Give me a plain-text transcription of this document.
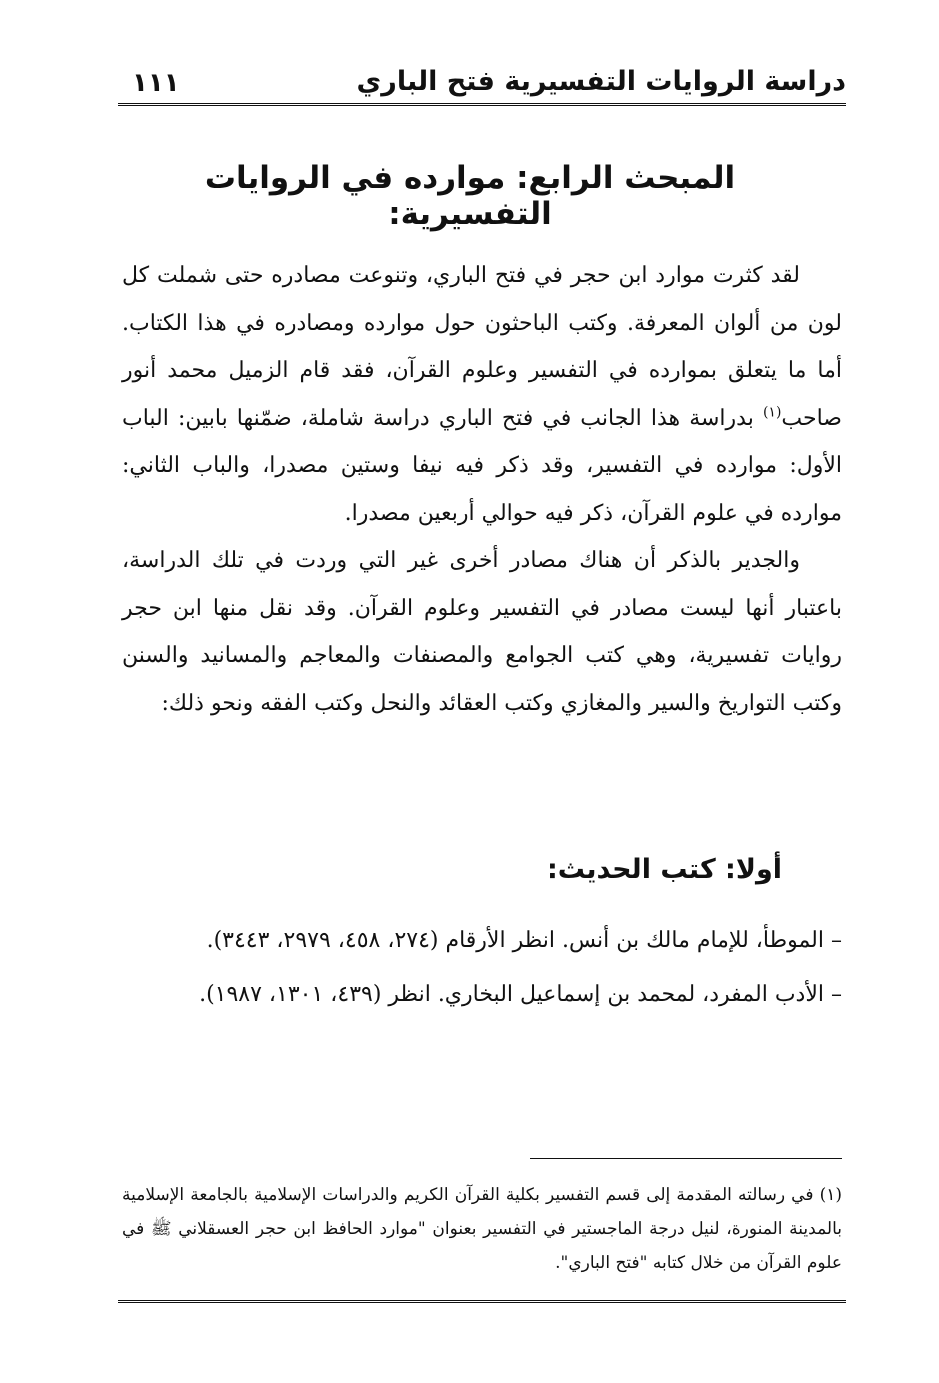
دراسة الروايات التفسيرية فتح الباري
١١١
المبحث الرابع: موارده في الروايات التفسيرية:

لقد كثرت موارد ابن حجر في فتح الباري، وتنوعت مصادره حتى شملت كل لون من ألوان المعرفة. وكتب الباحثون حول موارده ومصادره في هذا الكتاب. أما ما يتعلق بموارده في التفسير وعلوم القرآن، فقد قام الزميل محمد أنور صاحب$^{(١)}$ بدراسة هذا الجانب في فتح الباري دراسة شاملة، ضمّنها بابين: الباب الأول: موارده في التفسير، وقد ذكر فيه نيفا وستين مصدرا، والباب الثاني: موارده في علوم القرآن، ذكر فيه حوالي أربعين مصدرا.

والجدير بالذكر أن هناك مصادر أخرى غير التي وردت في تلك الدراسة، باعتبار أنها ليست مصادر في التفسير وعلوم القرآن. وقد نقل منها ابن حجر روايات تفسيرية، وهي كتب الجوامع والمصنفات والمعاجم والمسانيد والسنن وكتب التواريخ والسير والمغازي وكتب العقائد والنحل وكتب الفقه ونحو ذلك:

أولا: كتب الحديث:
– الموطأ، للإمام مالك بن أنس. انظر الأرقام (٢٧٤، ٤٥٨، ٢٩٧٩، ٣٤٤٣).
– الأدب المفرد، لمحمد بن إسماعيل البخاري. انظر (٤٣٩، ١٣٠١، ١٩٨٧).

(١) في رسالته المقدمة إلى قسم التفسير بكلية القرآن الكريم والدراسات الإسلامية بالجامعة الإسلامية بالمدينة المنورة، لنيل درجة الماجستير في التفسير بعنوان "موارد الحافظ ابن حجر العسقلاني ﷺ في علوم القرآن من خلال كتابه "فتح الباري".
